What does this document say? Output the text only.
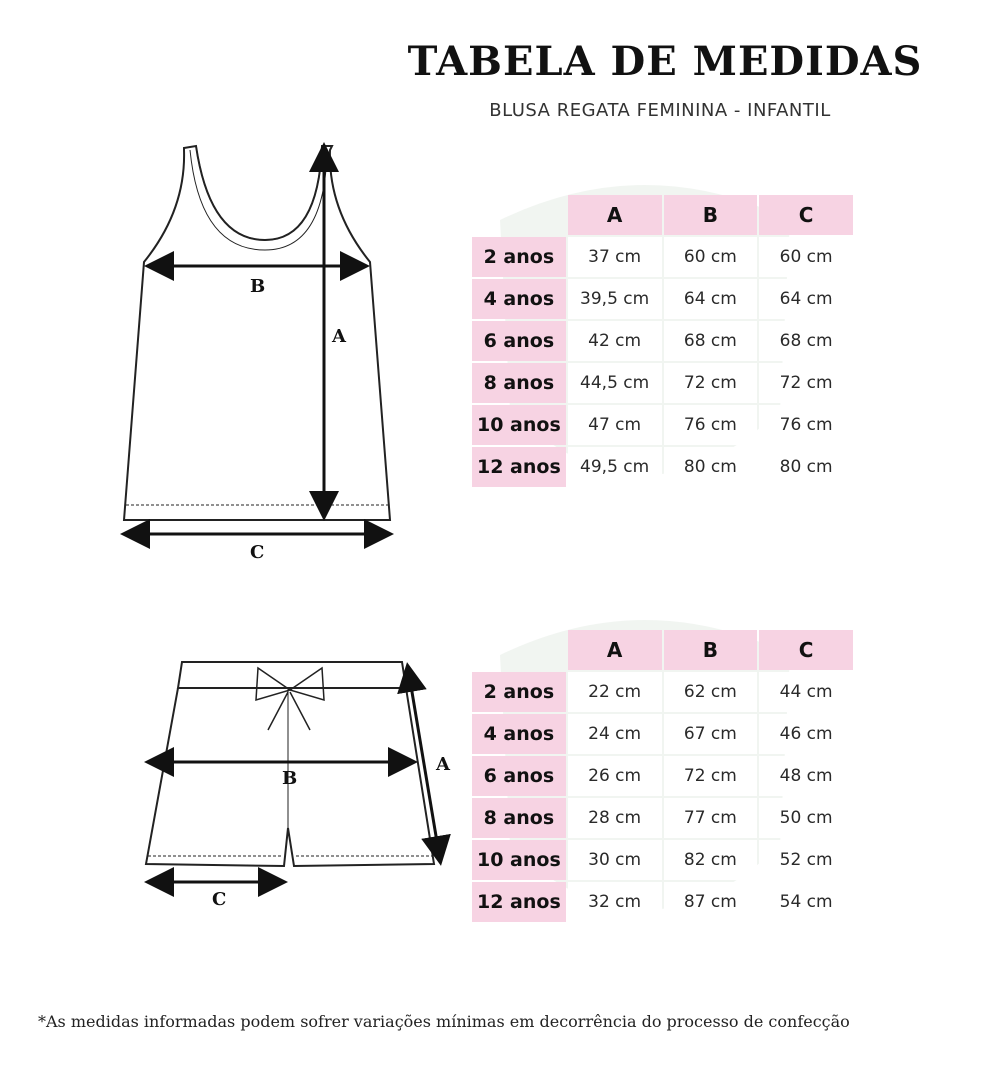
TABELA DE MEDIDAS
BLUSA REGATA FEMININA - INFANTIL
B
A
C
B
A
C
	A	B	C
2 anos	37 cm	60 cm	60 cm
4 anos	39,5 cm	64 cm	64 cm
6 anos	42 cm	68 cm	68 cm
8 anos	44,5 cm	72 cm	72 cm
10 anos	47 cm	76 cm	76 cm
12 anos	49,5 cm	80 cm	80 cm
	A	B	C
2 anos	22 cm	62 cm	44 cm
4 anos	24 cm	67 cm	46 cm
6 anos	26 cm	72 cm	48 cm
8 anos	28 cm	77 cm	50 cm
10 anos	30 cm	82 cm	52 cm
12 anos	32 cm	87 cm	54 cm
*As medidas informadas podem sofrer variações mínimas em decorrência do processo de confecção
